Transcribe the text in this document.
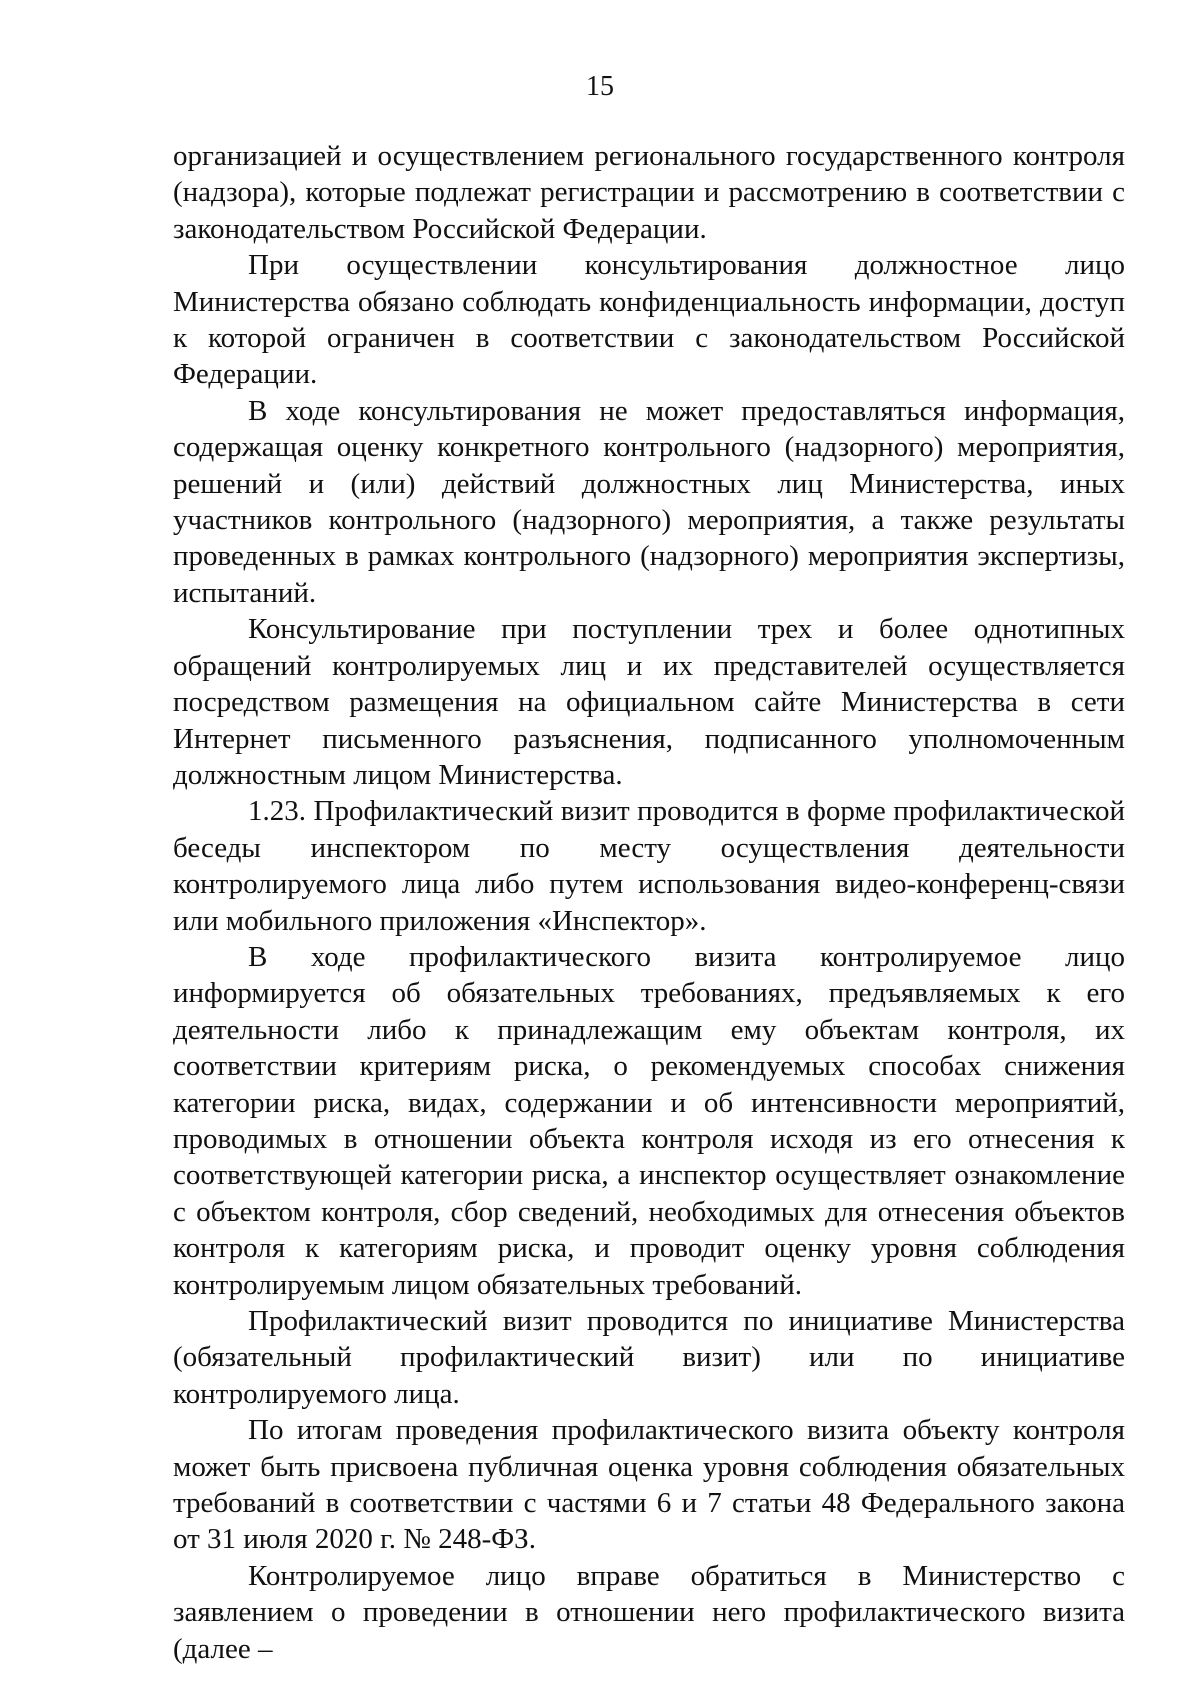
15

организацией и осуществлением регионального государственного контроля (надзора), которые подлежат регистрации и рассмотрению в соответствии с законодательством Российской Федерации.

При осуществлении консультирования должностное лицо Министерства обязано соблюдать конфиденциальность информации, доступ к которой ограничен в соответствии с законодательством Российской Федерации.

В ходе консультирования не может предоставляться информация, содержащая оценку конкретного контрольного (надзорного) мероприятия, решений и (или) действий должностных лиц Министерства, иных участников контрольного (надзорного) мероприятия, а также результаты проведенных в рамках контрольного (надзорного) мероприятия экспертизы, испытаний.

Консультирование при поступлении трех и более однотипных обращений контролируемых лиц и их представителей осуществляется посредством размещения на официальном сайте Министерства в сети Интернет письменного разъяснения, подписанного уполномоченным должностным лицом Министерства.

1.23. Профилактический визит проводится в форме профилактической беседы инспектором по месту осуществления деятельности контролируемого лица либо путем использования видео-конференц-связи или мобильного приложения «Инспектор».

В ходе профилактического визита контролируемое лицо информируется об обязательных требованиях, предъявляемых к его деятельности либо к принадлежащим ему объектам контроля, их соответствии критериям риска, о рекомендуемых способах снижения категории риска, видах, содержании и об интенсивности мероприятий, проводимых в отношении объекта контроля исходя из его отнесения к соответствующей категории риска, а инспектор осуществляет ознакомление с объектом контроля, сбор сведений, необходимых для отнесения объектов контроля к категориям риска, и проводит оценку уровня соблюдения контролируемым лицом обязательных требований.

Профилактический визит проводится по инициативе Министерства (обязательный профилактический визит) или по инициативе контролируемого лица.

По итогам проведения профилактического визита объекту контроля может быть присвоена публичная оценка уровня соблюдения обязательных требований в соответствии с частями 6 и 7 статьи 48 Федерального закона от 31 июля 2020 г. № 248-ФЗ.

Контролируемое лицо вправе обратиться в Министерство с заявлением о проведении в отношении него профилактического визита (далее –
